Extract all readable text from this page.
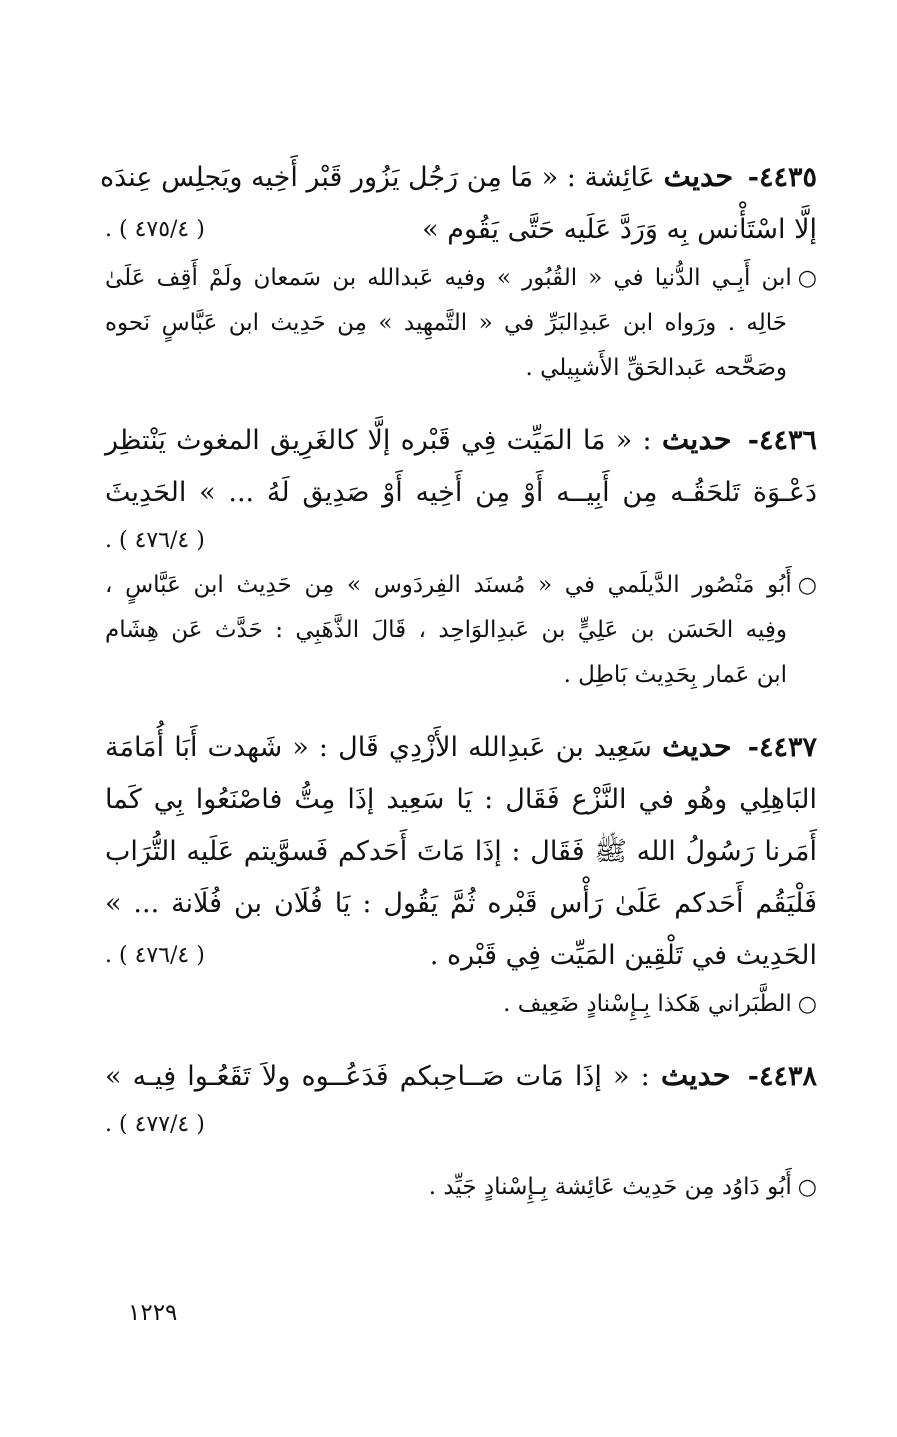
٤٤٣٥- حديث عَائِشة : « مَا مِن رَجُل يَزُور قَبْر أَخِيه ويَجلِس عِندَه
إلَّا اسْتَأْنس بِه وَرَدَّ عَلَيه حَتَّى يَقُوم »
( ٤٧٥/٤ ) .
○ابن أَبِـي الدُّنيا في « القُبُور » وفيه عَبدالله بن سَمعان ولَمْ أَقِف عَلَىٰ
حَالِه . ورَواه ابن عَبدِالبَرِّ في « التَّمهِيد » مِن حَدِيث ابن عَبَّاسٍ نَحوه
وصَحَّحه عَبدالحَقِّ الأَشبِيلي .
٤٤٣٦- حديث : « مَا المَيِّت فِي قَبْره إلَّا كالغَرِيق المغوث يَنْتظِر
دَعْـوَة تَلحَقُـه مِن أَبِيــه أَوْ مِن أَخِيه أَوْ صَدِيق لَهُ ... » الحَدِيثَ
( ٤٧٦/٤ ) .
○أَبُو مَنْصُور الدَّيلَمي في « مُسنَد الفِردَوس » مِن حَدِيث ابن عَبَّاسٍ ،
وفِيه الحَسَن بن عَلِيٍّ بن عَبدِالوَاحِد ، قَالَ الذَّهَبِي : حَدَّث عَن هِشَام
ابن عَمار بِحَدِيث بَاطِل .
٤٤٣٧- حديث سَعِيد بن عَبدِالله الأَزْدِي قَال : « شَهدت أَبَا أُمَامَة
البَاهِلِي وهُو في النَّزْع فَقَال : يَا سَعِيد إذَا مِتُّ فاصْنَعُوا بِي كَما
أَمَرنا رَسُولُ الله ﷺ فَقَال : إذَا مَاتَ أَحَدكم فَسوَّيتم عَلَيه التُّرَاب
فَلْيَقُم أَحَدكم عَلَىٰ رَأْس قَبْره ثُمَّ يَقُول : يَا فُلَان بن فُلَانة ... »
الحَدِيث في تَلْقِين المَيِّت فِي قَبْره .
( ٤٧٦/٤ ) .
○الطَّبَراني هَكذا بِـإِسْنادٍ ضَعِيف .
٤٤٣٨- حديث : « إذَا مَات صَــاحِبكم فَدَعُــوه ولاَ تَقَعُـوا فِيـه »
( ٤٧٧/٤ ) .
○أَبُو دَاوُد مِن حَدِيث عَائِشة بِـإِسْنادٍ جَيِّد .
١٢٢٩
